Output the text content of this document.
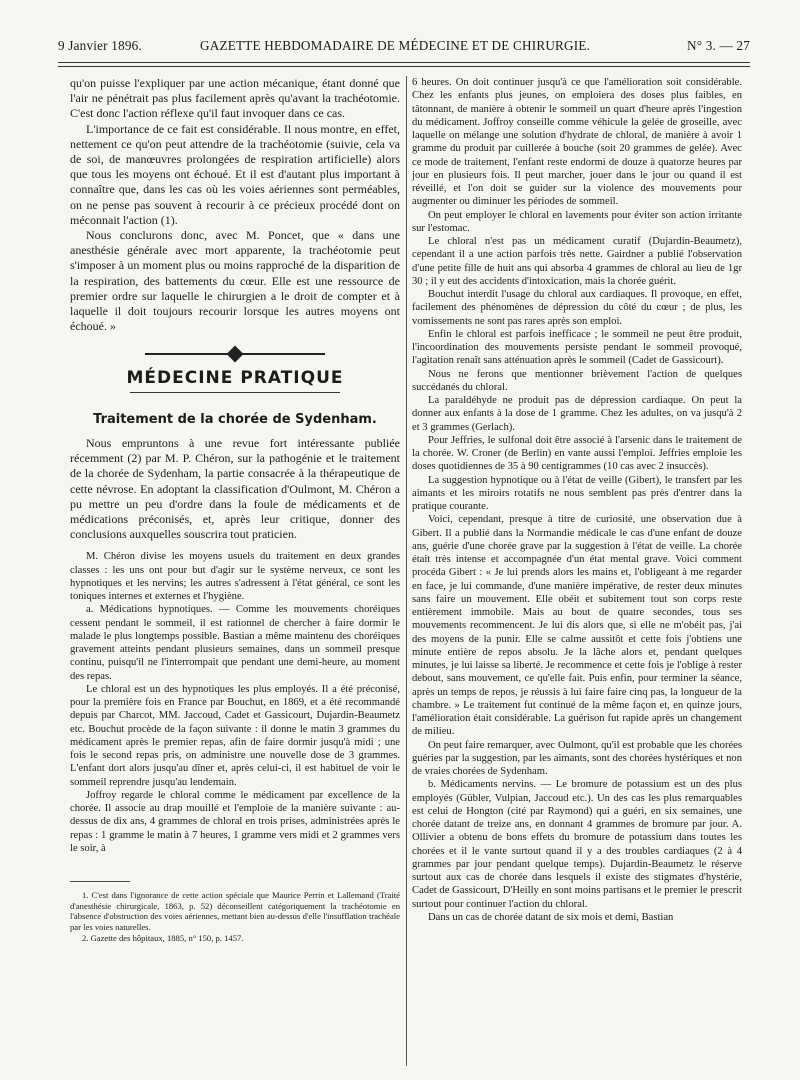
9 Janvier 1896.	GAZETTE HEBDOMADAIRE DE MÉDECINE ET DE CHIRURGIE.	N° 3. — 27

qu'on puisse l'expliquer par une action mécanique, étant donné que l'air ne pénétrait pas plus facilement après qu'avant la trachéotomie. C'est donc l'action réflexe qu'il faut invoquer dans ce cas.

L'importance de ce fait est considérable. Il nous montre, en effet, nettement ce qu'on peut attendre de la trachéotomie (suivie, cela va de soi, de manœuvres prolongées de respiration artificielle) alors que tous les moyens ont échoué. Et il est d'autant plus important à connaître que, dans les cas où les voies aériennes sont perméables, on ne pense pas souvent à recourir à ce précieux procédé dont on méconnait l'action (1).

Nous conclurons donc, avec M. Poncet, que « dans une anesthésie générale avec mort apparente, la trachéotomie peut s'imposer à un moment plus ou moins rapproché de la disparition de la respiration, des battements du cœur. Elle est une ressource de premier ordre sur laquelle le chirurgien a le droit de compter et à laquelle il doit toujours recourir lorsque les autres moyens ont échoué. »

MÉDECINE PRATIQUE
Traitement de la chorée de Sydenham.

Nous empruntons à une revue fort intéressante publiée récemment (2) par M. P. Chéron, sur la pathogénie et le traitement de la chorée de Sydenham, la partie consacrée à la thérapeutique de cette névrose. En adoptant la classification d'Oulmont, M. Chéron a pu mettre un peu d'ordre dans la foule de médicaments et de médications préconisés, et, après leur critique, donner des conclusions auxquelles souscrira tout praticien.

M. Chéron divise les moyens usuels du traitement en deux grandes classes : les uns ont pour but d'agir sur le système nerveux, ce sont les hypnotiques et les nervins; les autres s'adressent à l'état général, ce sont les toniques internes et externes et l'hygiène.

a. Médications hypnotiques. — Comme les mouvements choréiques cessent pendant le sommeil, il est rationnel de chercher à faire dormir le malade le plus longtemps possible. Bastian a même maintenu des choréiques gravement atteints pendant plusieurs semaines, dans un sommeil presque continu, puisqu'il ne l'interrompait que pendant une demi-heure, au moment des repas.

Le chloral est un des hypnotiques les plus employés. Il a été préconisé, pour la première fois en France par Bouchut, en 1869, et a été recommandé depuis par Charcot, MM. Jaccoud, Cadet et Gassicourt, Dujardin-Beaumetz etc. Bouchut procède de la façon suivante : il donne le matin 3 grammes du médicament après le premier repas, afin de faire dormir jusqu'à midi ; une fois le second repas pris, on administre une nouvelle dose de 3 grammes. L'enfant dort alors jusqu'au dîner et, après celui-ci, il est habituel de voir le sommeil reprendre jusqu'au lendemain.

Joffroy regarde le chloral comme le médicament par excellence de la chorée. Il associe au drap mouillé et l'emploie de la manière suivante : au-dessus de dix ans, 4 grammes de chloral en trois prises, administrées après le repas : 1 gramme le matin à 7 heures, 1 gramme vers midi et 2 grammes vers le soir, à

1. C'est dans l'ignorance de cette action spéciale que Maurice Perrin et Lallemand (Traité d'anesthésie chirurgicale, 1863, p. 52) déconseillent catégoriquement la trachéotomie en l'absence d'obstruction des voies aériennes, mettant bien au-dessus d'elle l'insufflation trachéale par les voies naturelles.

2. Gazette des hôpitaux, 1885, n° 150, p. 1457.

6 heures. On doit continuer jusqu'à ce que l'amélioration soit considérable. Chez les enfants plus jeunes, on emploiera des doses plus faibles, en tâtonnant, de manière à obtenir le sommeil un quart d'heure après l'ingestion du médicament. Joffroy conseille comme véhicule la gelée de groseille, avec laquelle on mélange une solution d'hydrate de chloral, de manière à avoir 1 gramme du produit par cuillerée à bouche (soit 20 grammes de gelée). Avec ce mode de traitement, l'enfant reste endormi de douze à quatorze heures par jour en plusieurs fois. Il peut marcher, jouer dans le jour ou quand il est réveillé, et l'on doit se guider sur la violence des mouvements pour augmenter ou diminuer les périodes de sommeil.

On peut employer le chloral en lavements pour éviter son action irritante sur l'estomac.

Le chloral n'est pas un médicament curatif (Dujardin-Beaumetz), cependant il a une action parfois très nette. Gairdner a publié l'observation d'une petite fille de huit ans qui absorba 4 grammes de chloral au lieu de 1gr 30 ; il y eut des accidents d'intoxication, mais la chorée guérit.

Bouchut interdit l'usage du chloral aux cardiaques. Il provoque, en effet, facilement des phénomènes de dépression du côté du cœur ; de plus, les vomissements ne sont pas rares après son emploi.

Enfin le chloral est parfois inefficace ; le sommeil ne peut être produit, l'incoordination des mouvements persiste pendant le sommeil provoqué, l'agitation renaît sans atténuation après le sommeil (Cadet de Gassicourt).

Nous ne ferons que mentionner brièvement l'action de quelques succédanés du chloral.

La paraldéhyde ne produit pas de dépression cardiaque. On peut la donner aux enfants à la dose de 1 gramme. Chez les adultes, on va jusqu'à 2 et 3 grammes (Gerlach).

Pour Jeffries, le sulfonal doit être associé à l'arsenic dans le traitement de la chorée. W. Croner (de Berlin) en vante aussi l'emploi. Jeffries emploie les doses quotidiennes de 35 à 90 centigrammes (10 cas avec 2 insuccès).

La suggestion hypnotique ou à l'état de veille (Gibert), le transfert par les aimants et les miroirs rotatifs ne nous semblent pas près d'entrer dans la pratique courante.

Voici, cependant, presque à titre de curiosité, une observation due à Gibert. Il a publié dans la Normandie médicale le cas d'une enfant de douze ans, guérie d'une chorée grave par la suggestion à l'état de veille. La chorée était très intense et accompagnée d'un état mental grave. Voici comment procéda Gibert : « Je lui prends alors les mains et, l'obligeant à me regarder en face, je lui commande, d'une manière impérative, de rester deux minutes sans faire un mouvement. Elle obéit et subitement tout son corps reste entièrement immobile. Mais au bout de quatre secondes, tous ses mouvements recommencent. Je lui dis alors que, si elle ne m'obéit pas, j'ai des moyens de la punir. Elle se calme aussitôt et cette fois j'obtiens une minute entière de repos absolu. Je la lâche alors et, pendant quelques minutes, je lui laisse sa liberté. Je recommence et cette fois je l'oblige à rester debout, sans mouvement, ce qu'elle fait. Puis enfin, pour terminer la séance, après un temps de repos, je réussis à lui faire faire cinq pas, la longueur de la chambre. » Le traitement fut continué de la même façon et, en quinze jours, l'amélioration était considérable. La guérison fut rapide après un changement de milieu.

On peut faire remarquer, avec Oulmont, qu'il est probable que les chorées guéries par la suggestion, par les aimants, sont des chorées hystériques et non de vraies chorées de Sydenham.

b. Médicaments nervins. — Le bromure de potassium est un des plus employés (Gübler, Vulpian, Jaccoud etc.). Un des cas les plus remarquables est celui de Hongton (cité par Raymond) qui a guéri, en six semaines, une chorée datant de treize ans, en donnant 4 grammes de bromure par jour. A. Ollivier a obtenu de bons effets du bromure de potassium dans toutes les chorées et il le vante surtout quand il y a des troubles cardiaques (2 à 4 grammes par jour pendant quelque temps). Dujardin-Beaumetz le réserve surtout aux cas de chorée dans lesquels il existe des stigmates d'hystérie, Cadet de Gassicourt, D'Heilly en sont moins partisans et le premier le prescrit surtout pour continuer l'action du chloral.

Dans un cas de chorée datant de six mois et demi, Bastian
